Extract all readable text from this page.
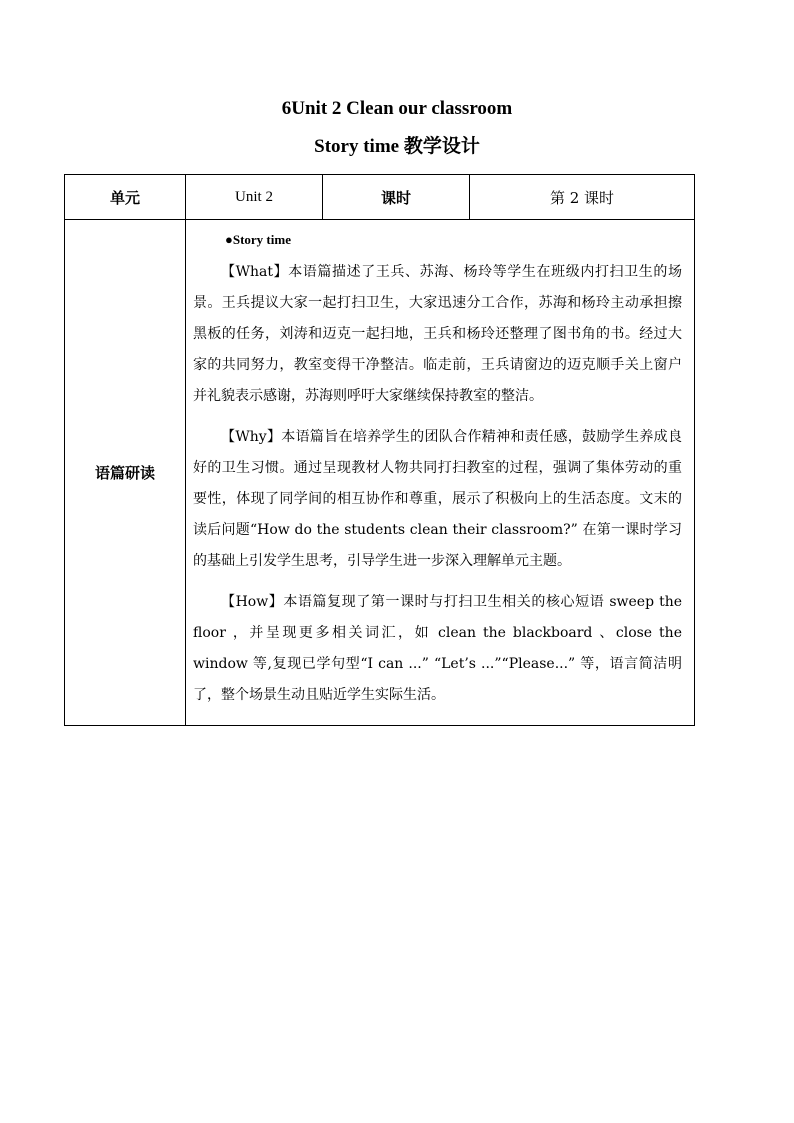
6Unit 2 Clean our classroom
Story time 教学设计
单元	Unit 2	课时	第 2 课时
语篇研读	●Story time

【What】本语篇描述了王兵、苏海、杨玲等学生在班级内打扫卫生的场景。王兵提议大家一起打扫卫生，大家迅速分工合作，苏海和杨玲主动承担擦黑板的任务，刘涛和迈克一起扫地，王兵和杨玲还整理了图书角的书。经过大家的共同努力，教室变得干净整洁。临走前，王兵请窗边的迈克顺手关上窗户并礼貌表示感谢，苏海则呼吁大家继续保持教室的整洁。

【Why】本语篇旨在培养学生的团队合作精神和责任感，鼓励学生养成良好的卫生习惯。通过呈现教材人物共同打扫教室的过程，强调了集体劳动的重要性，体现了同学间的相互协作和尊重，展示了积极向上的生活态度。文末的读后问题“How do the students clean their classroom?” 在第一课时学习的基础上引发学生思考，引导学生进一步深入理解单元主题。

【How】本语篇复现了第一课时与打扫卫生相关的核心短语 sweep the floor ，并呈现更多相关词汇，如 clean the blackboard 、close the window 等,复现已学句型“I can ...” “Let’s ...”“Please...” 等，语言简洁明了，整个场景生动且贴近学生实际生活。		
